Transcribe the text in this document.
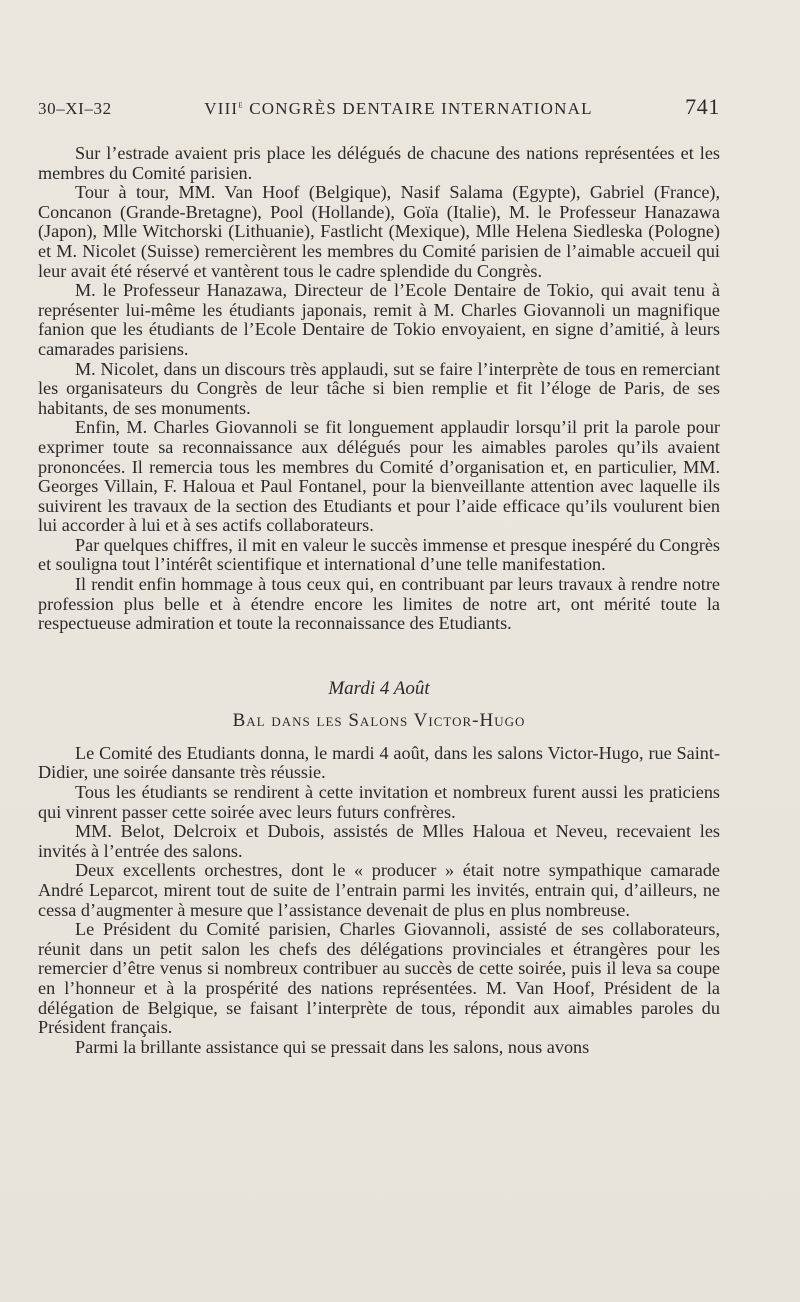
30–XI–32	VIIIe CONGRÈS DENTAIRE INTERNATIONAL	741

Sur l’estrade avaient pris place les délégués de chacune des nations représentées et les membres du Comité parisien.

Tour à tour, MM. Van Hoof (Belgique), Nasif Salama (Egypte), Gabriel (France), Concanon (Grande-Bretagne), Pool (Hollande), Goïa (Italie), M. le Professeur Hanazawa (Japon), Mlle Witchorski (Lithuanie), Fastlicht (Mexique), Mlle Helena Siedleska (Pologne) et M. Nicolet (Suisse) remercièrent les membres du Comité parisien de l’aimable accueil qui leur avait été réservé et vantèrent tous le cadre splendide du Congrès.

M. le Professeur Hanazawa, Directeur de l’Ecole Dentaire de Tokio, qui avait tenu à représenter lui-même les étudiants japonais, remit à M. Charles Giovannoli un magnifique fanion que les étudiants de l’Ecole Dentaire de Tokio envoyaient, en signe d’amitié, à leurs camarades parisiens.

M. Nicolet, dans un discours très applaudi, sut se faire l’interprète de tous en remerciant les organisateurs du Congrès de leur tâche si bien remplie et fit l’éloge de Paris, de ses habitants, de ses monuments.

Enfin, M. Charles Giovannoli se fit longuement applaudir lorsqu’il prit la parole pour exprimer toute sa reconnaissance aux délégués pour les aimables paroles qu’ils avaient prononcées. Il remercia tous les membres du Comité d’organisation et, en particulier, MM. Georges Villain, F. Haloua et Paul Fontanel, pour la bienveillante attention avec laquelle ils suivirent les travaux de la section des Etudiants et pour l’aide efficace qu’ils voulurent bien lui accorder à lui et à ses actifs collaborateurs.

Par quelques chiffres, il mit en valeur le succès immense et presque inespéré du Congrès et souligna tout l’intérêt scientifique et international d’une telle manifestation.

Il rendit enfin hommage à tous ceux qui, en contribuant par leurs travaux à rendre notre profession plus belle et à étendre encore les limites de notre art, ont mérité toute la respectueuse admiration et toute la reconnaissance des Etudiants.

Mardi 4 Août
Bal dans les Salons Victor-Hugo

Le Comité des Etudiants donna, le mardi 4 août, dans les salons Victor-Hugo, rue Saint-Didier, une soirée dansante très réussie.

Tous les étudiants se rendirent à cette invitation et nombreux furent aussi les praticiens qui vinrent passer cette soirée avec leurs futurs confrères.

MM. Belot, Delcroix et Dubois, assistés de Mlles Haloua et Neveu, recevaient les invités à l’entrée des salons.

Deux excellents orchestres, dont le « producer » était notre sympathique camarade André Leparcot, mirent tout de suite de l’entrain parmi les invités, entrain qui, d’ailleurs, ne cessa d’augmenter à mesure que l’assistance devenait de plus en plus nombreuse.

Le Président du Comité parisien, Charles Giovannoli, assisté de ses collaborateurs, réunit dans un petit salon les chefs des délégations provinciales et étrangères pour les remercier d’être venus si nombreux contribuer au succès de cette soirée, puis il leva sa coupe en l’honneur et à la prospérité des nations représentées. M. Van Hoof, Président de la délégation de Belgique, se faisant l’interprète de tous, répondit aux aimables paroles du Président français.

Parmi la brillante assistance qui se pressait dans les salons, nous avons
